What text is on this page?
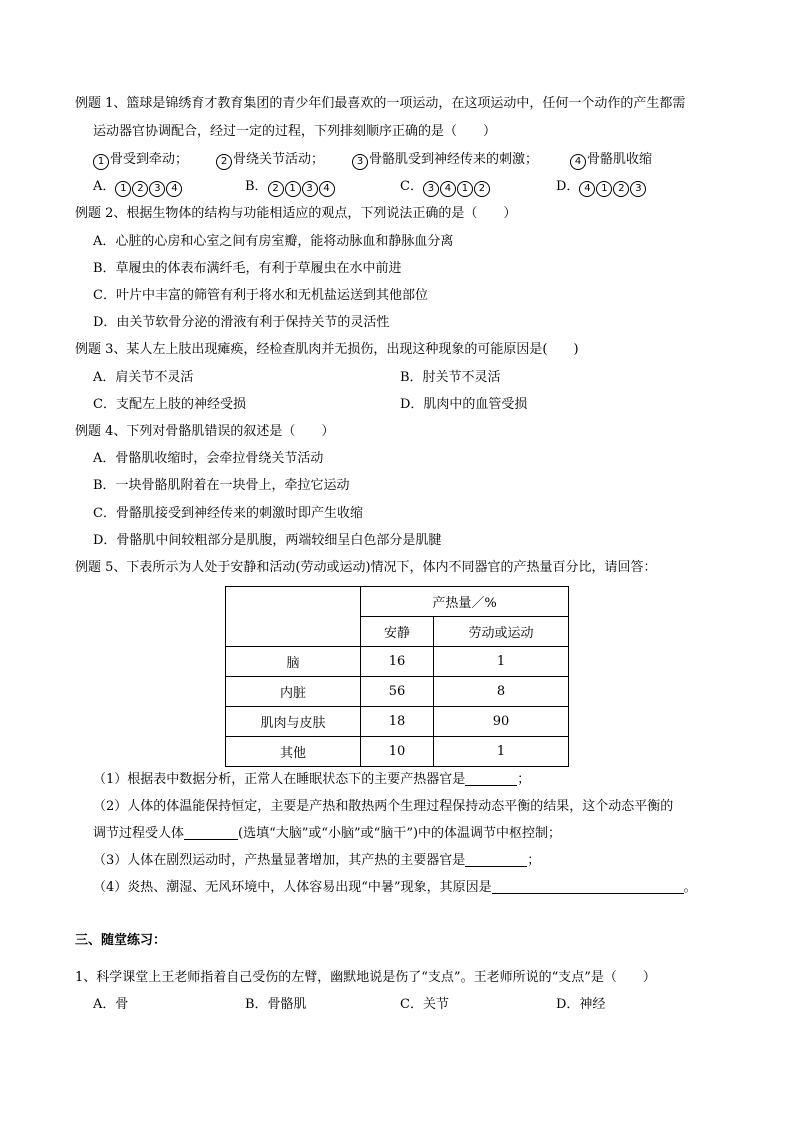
例题 1、篮球是锦绣育才教育集团的青少年们最喜欢的一项运动，在这项运动中，任何一个动作的产生都需
运动器官协调配合，经过一定的过程，下列排刻顺序正确的是（　　）
1 骨受到牵动；	2 骨绕关节活动；	3 骨骼肌受到神经传来的刺激；	4 骨骼肌收缩
A． 1 2 3 4	B． 2 1 3 4	C． 3 4 1 2	D． 4 1 2 3
例题 2、根据生物体的结构与功能相适应的观点，下列说法正确的是（　　）
A．心脏的心房和心室之间有房室瓣，能将动脉血和静脉血分离
B．草履虫的体表布满纤毛，有利于草履虫在水中前进
C．叶片中丰富的筛管有利于将水和无机盐运送到其他部位
D．由关节软骨分泌的滑液有利于保持关节的灵活性
例题 3、某人左上肢出现瘫痪，经检查肌肉并无损伤，出现这种现象的可能原因是(　　)
A．肩关节不灵活	B．肘关节不灵活
C．支配左上肢的神经受损	D．肌肉中的血管受损
例题 4、下列对骨骼肌错误的叙述是（　　）
A．骨骼肌收缩时，会牵拉骨绕关节活动
B．一块骨骼肌附着在一块骨上，牵拉它运动
C．骨骼肌接受到神经传来的刺激时即产生收缩
D．骨骼肌中间较粗部分是肌腹，两端较细呈白色部分是肌腱
例题 5、下表所示为人处于安静和活动(劳动或运动)情况下，体内不同器官的产热量百分比，请回答：
	产热量／%	
	安静	劳动或运动
脑	16	1
内脏	56	8
肌肉与皮肤	18	90
其他	10	1
（1）根据表中数据分析，正常人在睡眠状态下的主要产热器官是	；
（2）人体的体温能保持恒定，主要是产热和散热两个生理过程保持动态平衡的结果，这个动态平衡的
调节过程受人体	(选填“大脑”或“小脑”或“脑干”)中的体温调节中枢控制；
（3）人体在剧烈运动时，产热量显著增加，其产热的主要器官是	；
（4）炎热、潮湿、无风环境中，人体容易出现“中暑”现象，其原因是	。
三、随堂练习：
1、科学课堂上王老师指着自己受伤的左臂，幽默地说是伤了“支点”。王老师所说的“支点”是（　　）
A．骨	B．骨骼肌	C．关节	D．神经
